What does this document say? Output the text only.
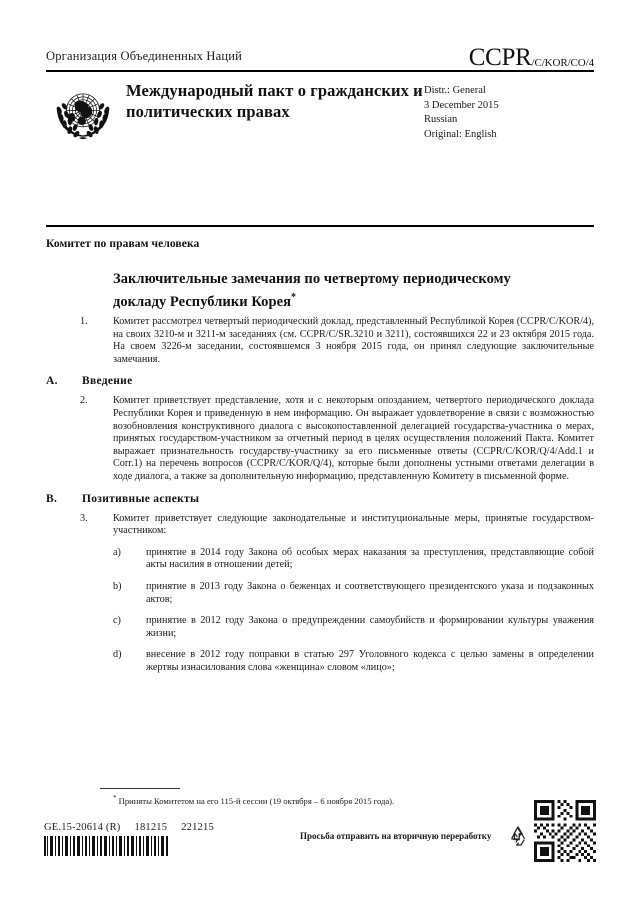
Организация Объединенных Наций	CCPR/C/KOR/CO/4
Международный пакт о гражданских и политических правах
Distr.: General
3 December 2015
Russian
Original: English
Комитет по правам человека
Заключительные замечания по четвертому периодическому докладу Республики Корея*

1. Комитет рассмотрел четвертый периодический доклад, представленный Республикой Корея (CCPR/C/KOR/4), на своих 3210-м и 3211-м заседаниях (см. CCPR/C/SR.3210 и 3211), состоявшихся 22 и 23 октября 2015 года. На своем 3226-м заседании, состоявшемся 3 ноября 2015 года, он принял следующие заключительные замечания.

A.	Введение

2. Комитет приветствует представление, хотя и с некоторым опозданием, четвертого периодического доклада Республики Корея и приведенную в нем информацию. Он выражает удовлетворение в связи с возможностью возобновления конструктивного диалога с высокопоставленной делегацией государства-участника о мерах, принятых государством-участником за отчетный период в целях осуществления положений Пакта. Комитет выражает признательность государству-участнику за его письменные ответы (CCPR/C/KOR/Q/4/Add.1 и Corr.1) на перечень вопросов (CCPR/C/KOR/Q/4), которые были дополнены устными ответами делегации в ходе диалога, а также за дополнительную информацию, представленную Комитету в письменной форме.

B.	Позитивные аспекты

3. Комитет приветствует следующие законодательные и институциональные меры, принятые государством-участником:

a) принятие в 2014 году Закона об особых мерах наказания за преступления, представляющие собой акты насилия в отношении детей;

b) принятие в 2013 году Закона о беженцах и соответствующего президентского указа и подзаконных актов;

c) принятие в 2012 году Закона о предупреждении самоубийств и формировании культуры уважения жизни;

d) внесение в 2012 году поправки в статью 297 Уголовного кодекса с целью замены в определении жертвы изнасилования слова «женщина» словом «лицо»;

* Приняты Комитетом на его 115-й сессии (19 октября – 6 ноября 2015 года).
GE.15-20614 (R) 181215 221215
Просьба отправить на вторичную переработку
